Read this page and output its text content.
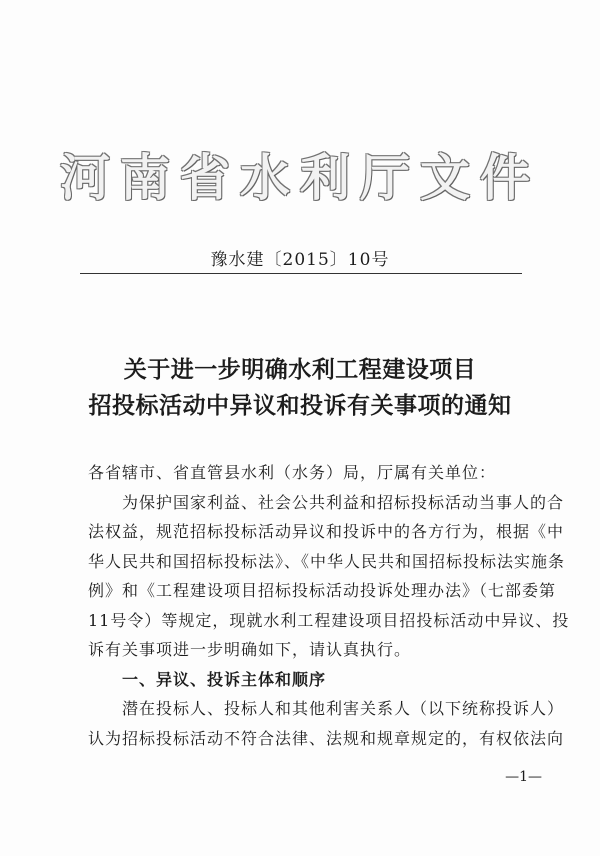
河南省水利厅文件
豫水建〔2015〕10号
关于进一步明确水利工程建设项目
招投标活动中异议和投诉有关事项的通知
各省辖市、省直管县水利（水务）局，厅属有关单位：
　　为保护国家利益、社会公共利益和招标投标活动当事人的合
法权益，规范招标投标活动异议和投诉中的各方行为，根据《中
华人民共和国招标投标法》、《中华人民共和国招标投标法实施条
例》和《工程建设项目招标投标活动投诉处理办法》（七部委第
11号令）等规定，现就水利工程建设项目招投标活动中异议、投
诉有关事项进一步明确如下，请认真执行。
　　一、异议、投诉主体和顺序
　　潜在投标人、投标人和其他利害关系人（以下统称投诉人）
认为招标投标活动不符合法律、法规和规章规定的，有权依法向
—1—
